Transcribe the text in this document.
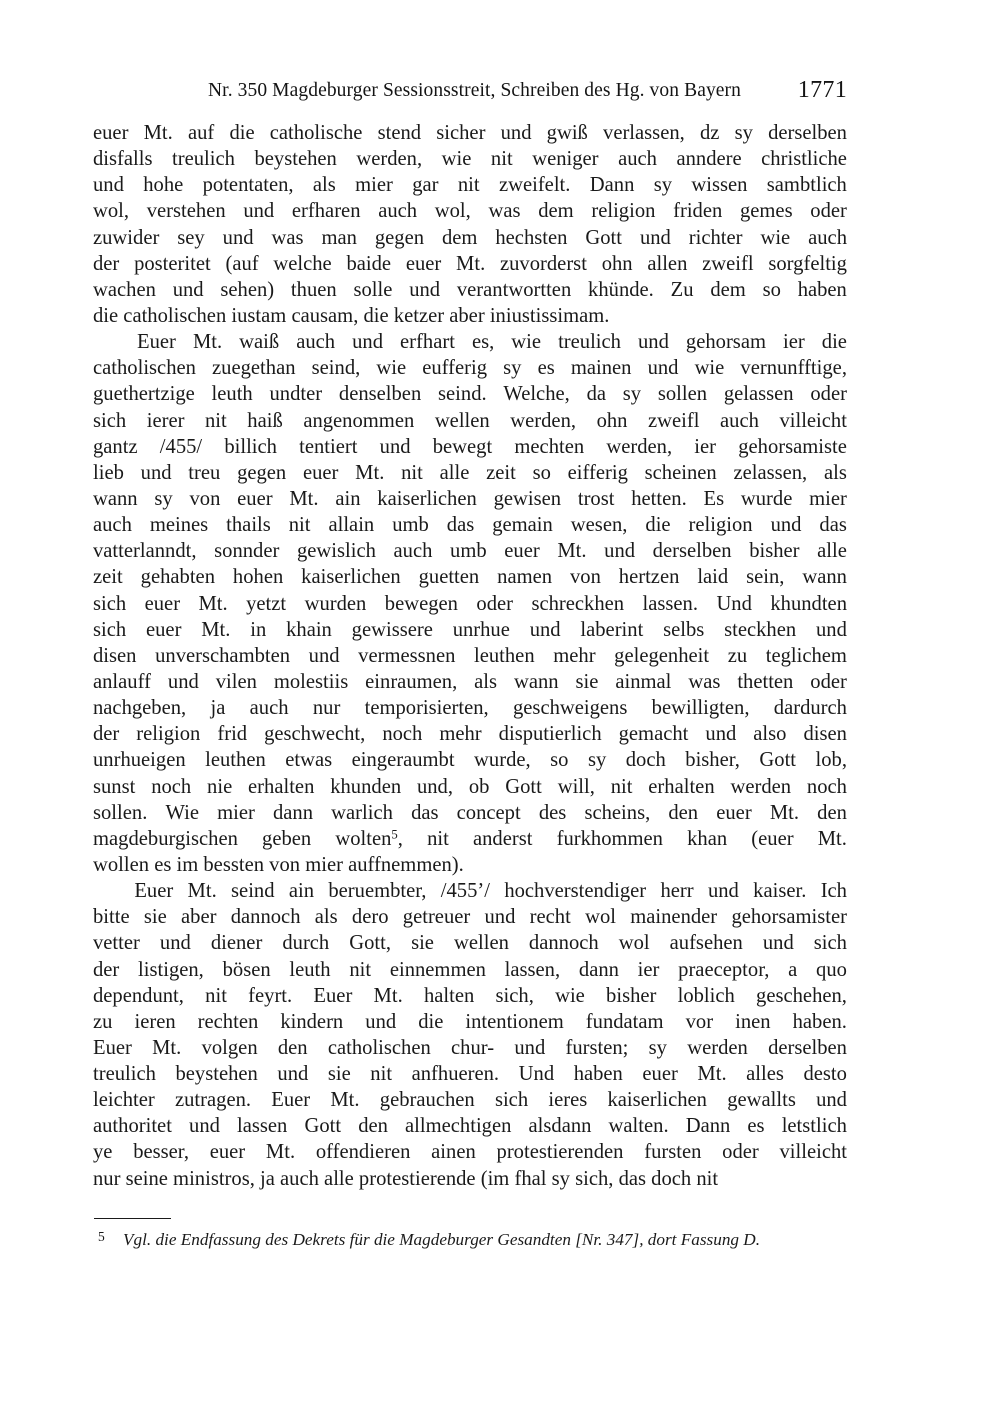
Nr. 350 Magdeburger Sessionsstreit, Schreiben des Hg. von Bayern 1771
euer Mt. auf die catholische stend sicher und gwiß verlassen, dz sy derselben
disfalls treulich beystehen werden, wie nit weniger auch anndere christliche
und hohe potentaten, als mier gar nit zweifelt. Dann sy wissen sambtlich
wol, verstehen und erfharen auch wol, was dem religion friden gemes oder
zuwider sey und was man gegen dem hechsten Gott und richter wie auch
der posteritet (auf welche baide euer Mt. zuvorderst ohn allen zweifl sorgfeltig
wachen und sehen) thuen solle und verantwortten khünde. Zu dem so haben
die catholischen iustam causam, die ketzer aber iniustissimam.
Euer Mt. waiß auch und erfhart es, wie treulich und gehorsam ier die
catholischen zuegethan seind, wie eufferig sy es mainen und wie vernunfftige,
guethertzige leuth undter denselben seind. Welche, da sy sollen gelassen oder
sich ierer nit haiß angenommen wellen werden, ohn zweifl auch villeicht
gantz /455/ billich tentiert und bewegt mechten werden, ier gehorsamiste
lieb und treu gegen euer Mt. nit alle zeit so eifferig scheinen zelassen, als
wann sy von euer Mt. ain kaiserlichen gewisen trost hetten. Es wurde mier
auch meines thails nit allain umb das gemain wesen, die religion und das
vatterlanndt, sonnder gewislich auch umb euer Mt. und derselben bisher alle
zeit gehabten hohen kaiserlichen guetten namen von hertzen laid sein, wann
sich euer Mt. yetzt wurden bewegen oder schreckhen lassen. Und khundten
sich euer Mt. in khain gewissere unrhue und laberint selbs steckhen und
disen unverschambten und vermessnen leuthen mehr gelegenheit zu teglichem
anlauff und vilen molestiis einraumen, als wann sie ainmal was thetten oder
nachgeben, ja auch nur temporisierten, geschweigens bewilligten, dardurch
der religion frid geschwecht, noch mehr disputierlich gemacht und also disen
unrhueigen leuthen etwas eingeraumbt wurde, so sy doch bisher, Gott lob,
sunst noch nie erhalten khunden und, ob Gott will, nit erhalten werden noch
sollen. Wie mier dann warlich das concept des scheins, den euer Mt. den
magdeburgischen geben wolten$^5$, nit anderst furkhommen khan (euer Mt.
wollen es im bessten von mier auffnemmen).
Euer Mt. seind ain beruembter, /455’/ hochverstendiger herr und kaiser. Ich
bitte sie aber dannoch als dero getreuer und recht wol mainender gehorsamister
vetter und diener durch Gott, sie wellen dannoch wol aufsehen und sich
der listigen, bösen leuth nit einnemmen lassen, dann ier praeceptor, a quo
dependunt, nit feyrt. Euer Mt. halten sich, wie bisher loblich geschehen,
zu ieren rechten kindern und die intentionem fundatam vor inen haben.
Euer Mt. volgen den catholischen chur- und fursten; sy werden derselben
treulich beystehen und sie nit anfhueren. Und haben euer Mt. alles desto
leichter zutragen. Euer Mt. gebrauchen sich ieres kaiserlichen gewallts und
authoritet und lassen Gott den allmechtigen alsdann walten. Dann es letstlich
ye besser, euer Mt. offendieren ainen protestierenden fursten oder villeicht
nur seine ministros, ja auch alle protestierende (im fhal sy sich, das doch nit
5 Vgl. die Endfassung des Dekrets für die Magdeburger Gesandten [Nr. 347], dort Fassung D.
